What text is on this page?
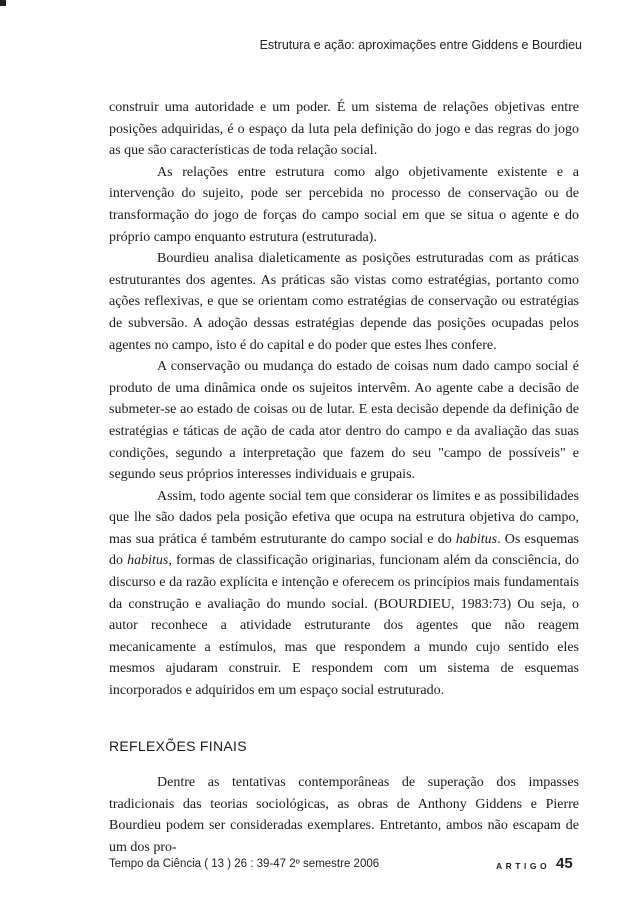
Estrutura e ação: aproximações entre Giddens e Bourdieu

construir uma autoridade e um poder. É um sistema de relações objetivas entre posições adquiridas, é o espaço da luta pela definição do jogo e das regras do jogo as que são características de toda relação social.

As relações entre estrutura como algo objetivamente existente e a intervenção do sujeito, pode ser percebida no processo de conservação ou de transformação do jogo de forças do campo social em que se situa o agente e do próprio campo enquanto estrutura (estruturada).

Bourdieu analisa dialeticamente as posições estruturadas com as práticas estruturantes dos agentes. As práticas são vistas como estratégias, portanto como ações reflexivas, e que se orientam como estratégias de conservação ou estratégias de subversão. A adoção dessas estratégias depende das posições ocupadas pelos agentes no campo, isto é do capital e do poder que estes lhes confere.

A conservação ou mudança do estado de coisas num dado campo social é produto de uma dinâmica onde os sujeitos intervêm. Ao agente cabe a decisão de submeter-se ao estado de coisas ou de lutar. E esta decisão depende da definição de estratégias e táticas de ação de cada ator dentro do campo e da avaliação das suas condições, segundo a interpretação que fazem do seu "campo de possíveis" e segundo seus próprios interesses individuais e grupais.

Assim, todo agente social tem que considerar os limites e as possibilidades que lhe são dados pela posição efetiva que ocupa na estrutura objetiva do campo, mas sua prática é também estruturante do campo social e do habitus. Os esquemas do habitus, formas de classificação originarias, funcionam além da consciência, do discurso e da razão explícita e intenção e oferecem os princípios mais fundamentais da construção e avaliação do mundo social. (BOURDIEU, 1983:73) Ou seja, o autor reconhece a atividade estruturante dos agentes que não reagem mecanicamente a estímulos, mas que respondem a mundo cujo sentido eles mesmos ajudaram construir. E respondem com um sistema de esquemas incorporados e adquiridos em um espaço social estruturado.

REFLEXÕES FINAIS

Dentre as tentativas contemporâneas de superação dos impasses tradicionais das teorias sociológicas, as obras de Anthony Giddens e Pierre Bourdieu podem ser consideradas exemplares. Entretanto, ambos não escapam de um dos pro-

Tempo da Ciência ( 13 ) 26 : 39-47 2º semestre 2006	ARTIGO 45
